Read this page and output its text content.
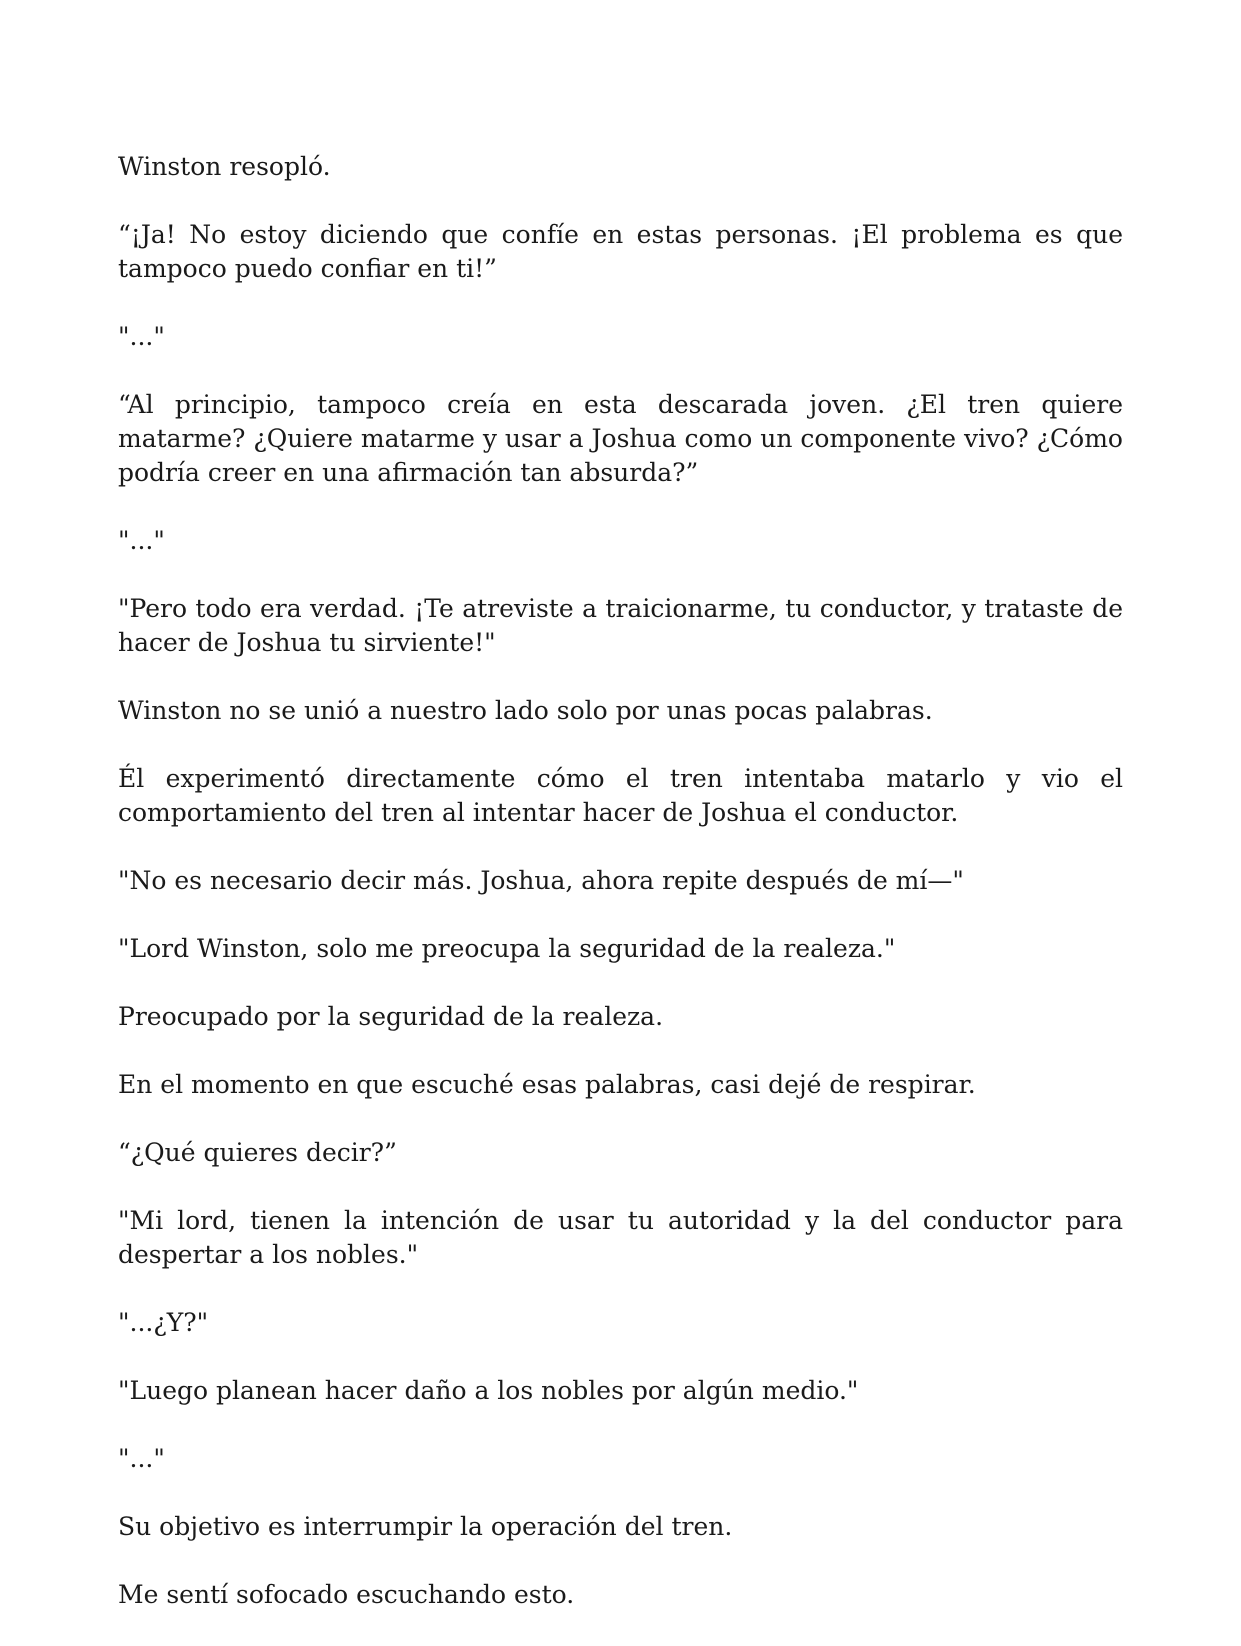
Winston resopló.

“¡Ja! No estoy diciendo que confíe en estas personas. ¡El problema es que tampoco puedo confiar en ti!”

"..."

“Al principio, tampoco creía en esta descarada joven. ¿El tren quiere matarme? ¿Quiere matarme y usar a Joshua como un componente vivo? ¿Cómo podría creer en una afirmación tan absurda?”

"..."

"Pero todo era verdad. ¡Te atreviste a traicionarme, tu conductor, y trataste de hacer de Joshua tu sirviente!"

Winston no se unió a nuestro lado solo por unas pocas palabras.

Él experimentó directamente cómo el tren intentaba matarlo y vio el comportamiento del tren al intentar hacer de Joshua el conductor.

"No es necesario decir más. Joshua, ahora repite después de mí—"

"Lord Winston, solo me preocupa la seguridad de la realeza."

Preocupado por la seguridad de la realeza.

En el momento en que escuché esas palabras, casi dejé de respirar.

“¿Qué quieres decir?”

"Mi lord, tienen la intención de usar tu autoridad y la del conductor para despertar a los nobles."

"...¿Y?"

"Luego planean hacer daño a los nobles por algún medio."

"..."

Su objetivo es interrumpir la operación del tren.

Me sentí sofocado escuchando esto.
